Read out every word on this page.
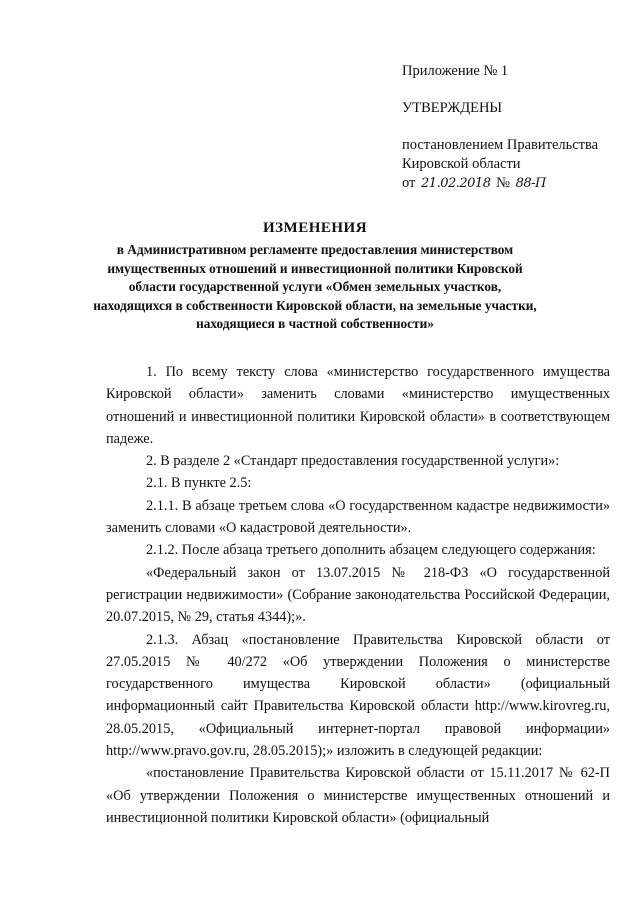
Приложение № 1
УТВЕРЖДЕНЫ
постановлением Правительства
Кировской области
от 21.02.2018 № 88-П
ИЗМЕНЕНИЯ
в Административном регламенте предоставления министерством
имущественных отношений и инвестиционной политики Кировской
области государственной услуги «Обмен земельных участков,
находящихся в собственности Кировской области, на земельные участки,
находящиеся в частной собственности»

1. По всему тексту слова «министерство государственного имущества Кировской области» заменить словами «министерство имущественных отношений и инвестиционной политики Кировской области» в соответствующем падеже.

2. В разделе 2 «Стандарт предоставления государственной услуги»:

2.1. В пункте 2.5:

2.1.1. В абзаце третьем слова «О государственном кадастре недвижимости» заменить словами «О кадастровой деятельности».

2.1.2. После абзаца третьего дополнить абзацем следующего содержания:

«Федеральный закон от 13.07.2015 № 218-ФЗ «О государственной регистрации недвижимости» (Собрание законодательства Российской Федерации, 20.07.2015, № 29, статья 4344);».

2.1.3. Абзац «постановление Правительства Кировской области от 27.05.2015 № 40/272 «Об утверждении Положения о министерстве государственного имущества Кировской области» (официальный информационный сайт Правительства Кировской области http://www.kirovreg.ru, 28.05.2015, «Официальный интернет-портал правовой информации» http://www.pravo.gov.ru, 28.05.2015);» изложить в следующей редакции:

«постановление Правительства Кировской области от 15.11.2017 № 62-П «Об утверждении Положения о министерстве имущественных отношений и инвестиционной политики Кировской области» (официальный
